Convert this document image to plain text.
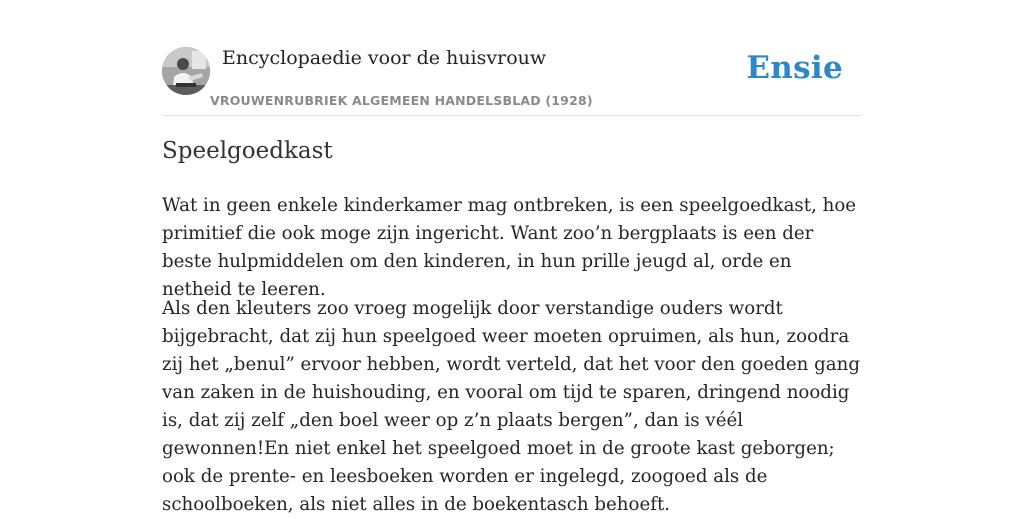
Encyclopaedie voor de huisvrouw
VROUWENRUBRIEK ALGEMEEN HANDELSBLAD (1928)
Ensie
Speelgoedkast

Wat in geen enkele kinderkamer mag ontbreken, is een speelgoedkast, hoe primitief die ook moge zijn ingericht. Want zoo’n bergplaats is een der beste hulpmiddelen om den kinderen, in hun prille jeugd al, orde en netheid te leeren.

Als den kleuters zoo vroeg mogelijk door verstandige ouders wordt bijgebracht, dat zij hun speelgoed weer moeten opruimen, als hun, zoodra zij het „benul” ervoor hebben, wordt verteld, dat het voor den goeden gang van zaken in de huishouding, en vooral om tijd te sparen, dringend noodig is, dat zij zelf „den boel weer op z’n plaats bergen”, dan is véél gewonnen!En niet enkel het speelgoed moet in de groote kast geborgen; ook de prente- en leesboeken worden er ingelegd, zoogoed als de schoolboeken, als niet alles in de boekentasch behoeft.
